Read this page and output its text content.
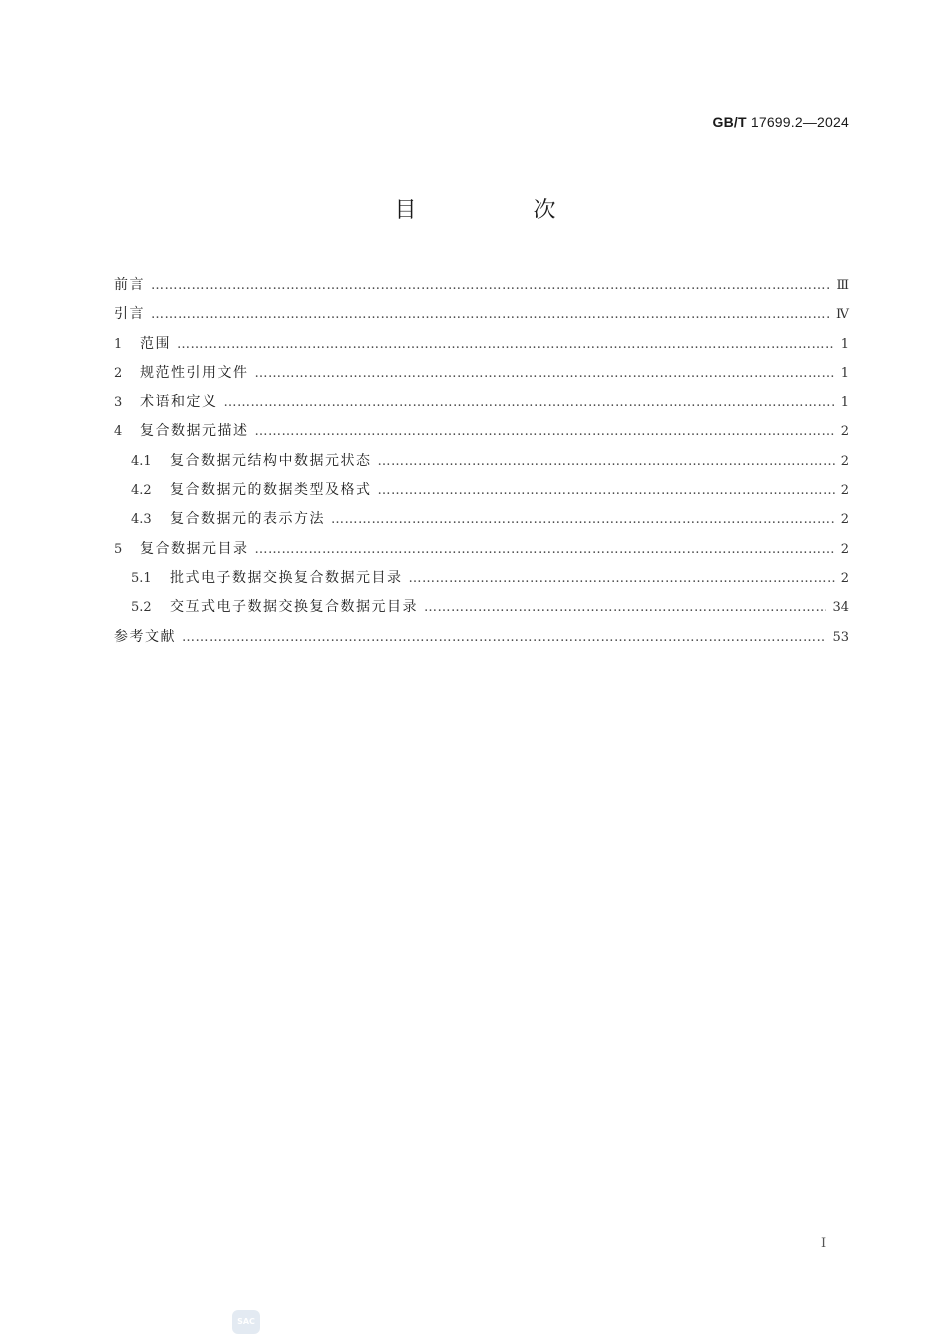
GB/T 17699.2—2024
目 次
前言 ………………………………………………………………………………………………………………………………………………………………………………………………	Ⅲ
引言 ………………………………………………………………………………………………………………………………………………………………………………………………	Ⅳ
1	范围 ………………………………………………………………………………………………………………………………………………………………………………………………	1
2	规范性引用文件 ………………………………………………………………………………………………………………………………………………………………………………………………	1
3	术语和定义 ………………………………………………………………………………………………………………………………………………………………………………………………	1
4	复合数据元描述 ………………………………………………………………………………………………………………………………………………………………………………………………	2
4.1	复合数据元结构中数据元状态 ………………………………………………………………………………………………………………………………………………………………………………………………	2
4.2	复合数据元的数据类型及格式 ………………………………………………………………………………………………………………………………………………………………………………………………	2
4.3	复合数据元的表示方法 ………………………………………………………………………………………………………………………………………………………………………………………………	2
5	复合数据元目录 ………………………………………………………………………………………………………………………………………………………………………………………………	2
5.1	批式电子数据交换复合数据元目录 ………………………………………………………………………………………………………………………………………………………………………………………………	2
5.2	交互式电子数据交换复合数据元目录 ………………………………………………………………………………………………………………………………………………………………………………………………	34
参考文献 ………………………………………………………………………………………………………………………………………………………………………………………………	53
I
SAC
